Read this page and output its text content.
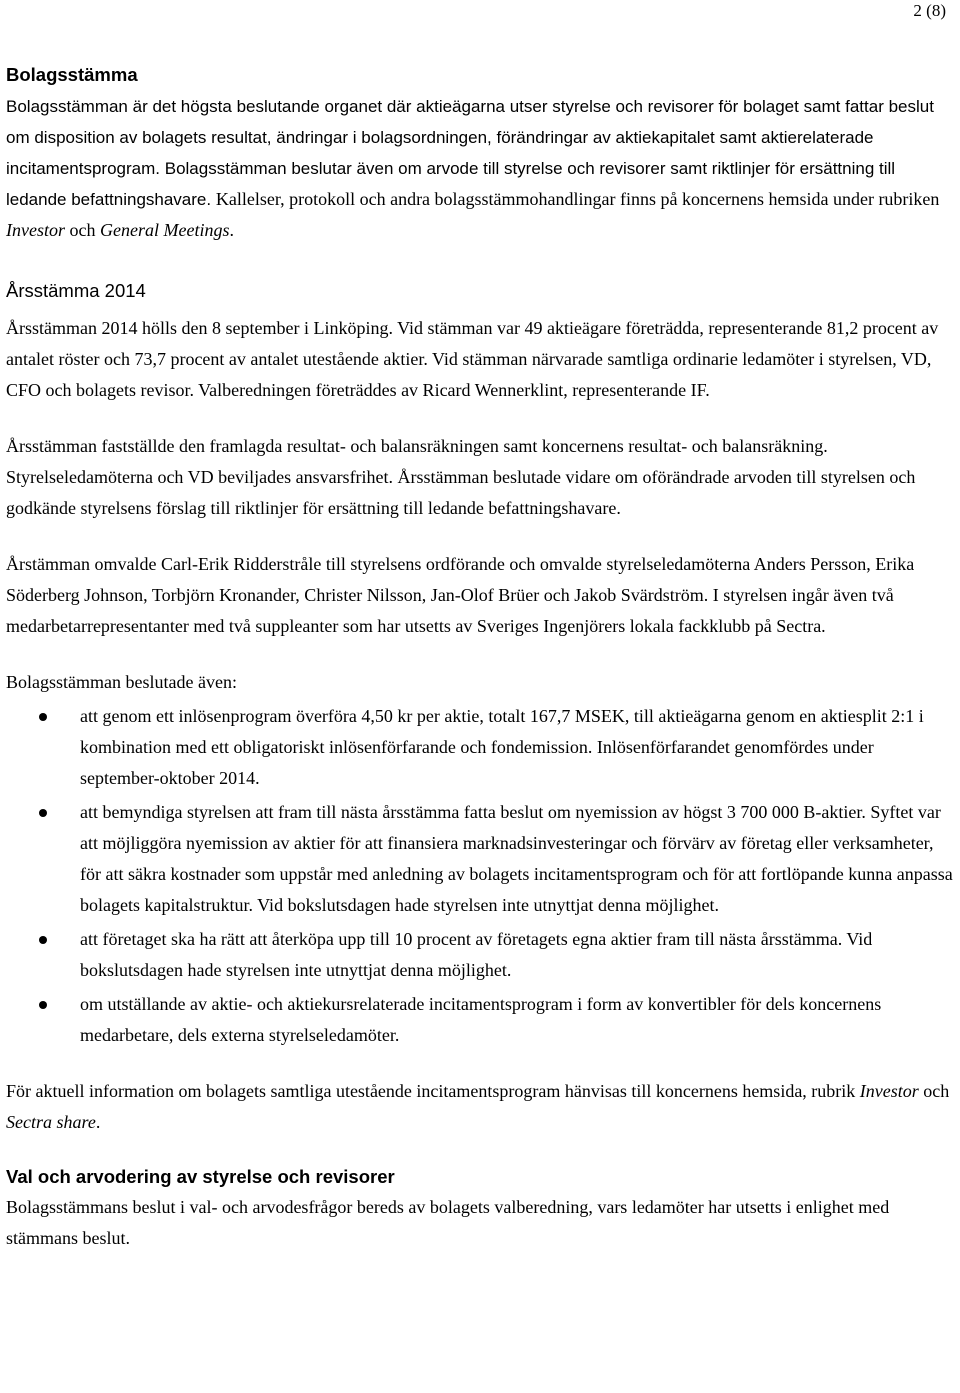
2 (8)
Bolagsstämma

Bolagsstämman är det högsta beslutande organet där aktieägarna utser styrelse och revisorer för bolaget samt fattar beslut om disposition av bolagets resultat, ändringar i bolagsordningen, förändringar av aktiekapitalet samt aktierelaterade incitamentsprogram. Bolagsstämman beslutar även om arvode till styrelse och revisorer samt riktlinjer för ersättning till ledande befattningshavare. Kallelser, protokoll och andra bolagsstämmohandlingar finns på koncernens hemsida under rubriken Investor och General Meetings.

Årsstämma 2014

Årsstämman 2014 hölls den 8 september i Linköping. Vid stämman var 49 aktieägare företrädda, representerande 81,2 procent av antalet röster och 73,7 procent av antalet utestående aktier. Vid stämman närvarade samtliga ordinarie ledamöter i styrelsen, VD, CFO och bolagets revisor. Valberedningen företräddes av Ricard Wennerklint, representerande IF.

Årsstämman fastställde den framlagda resultat- och balansräkningen samt koncernens resultat- och balansräkning. Styrelseledamöterna och VD beviljades ansvarsfrihet. Årsstämman beslutade vidare om oförändrade arvoden till styrelsen och godkände styrelsens förslag till riktlinjer för ersättning till ledande befattningshavare.

Årstämman omvalde Carl-Erik Ridderstråle till styrelsens ordförande och omvalde styrelseledamöterna Anders Persson, Erika Söderberg Johnson, Torbjörn Kronander, Christer Nilsson, Jan-Olof Brüer och Jakob Svärdström. I styrelsen ingår även två medarbetarrepresentanter med två suppleanter som har utsetts av Sveriges Ingenjörers lokala fackklubb på Sectra.

Bolagsstämman beslutade även:

att genom ett inlösenprogram överföra 4,50 kr per aktie, totalt 167,7 MSEK, till aktieägarna genom en aktiesplit 2:1 i kombination med ett obligatoriskt inlösenförfarande och fondemission. Inlösenförfarandet genomfördes under september-oktober 2014.
att bemyndiga styrelsen att fram till nästa årsstämma fatta beslut om nyemission av högst 3 700 000 B-aktier. Syftet var att möjliggöra nyemission av aktier för att finansiera marknadsinvesteringar och förvärv av företag eller verksamheter, för att säkra kostnader som uppstår med anledning av bolagets incitamentsprogram och för att fortlöpande kunna anpassa bolagets kapitalstruktur. Vid bokslutsdagen hade styrelsen inte utnyttjat denna möjlighet.
att företaget ska ha rätt att återköpa upp till 10 procent av företagets egna aktier fram till nästa årsstämma. Vid bokslutsdagen hade styrelsen inte utnyttjat denna möjlighet.
om utställande av aktie- och aktiekursrelaterade incitamentsprogram i form av konvertibler för dels koncernens medarbetare, dels externa styrelseledamöter.

För aktuell information om bolagets samtliga utestående incitamentsprogram hänvisas till koncernens hemsida, rubrik Investor och Sectra share.

Val och arvodering av styrelse och revisorer

Bolagsstämmans beslut i val- och arvodesfrågor bereds av bolagets valberedning, vars ledamöter har utsetts i enlighet med stämmans beslut.
